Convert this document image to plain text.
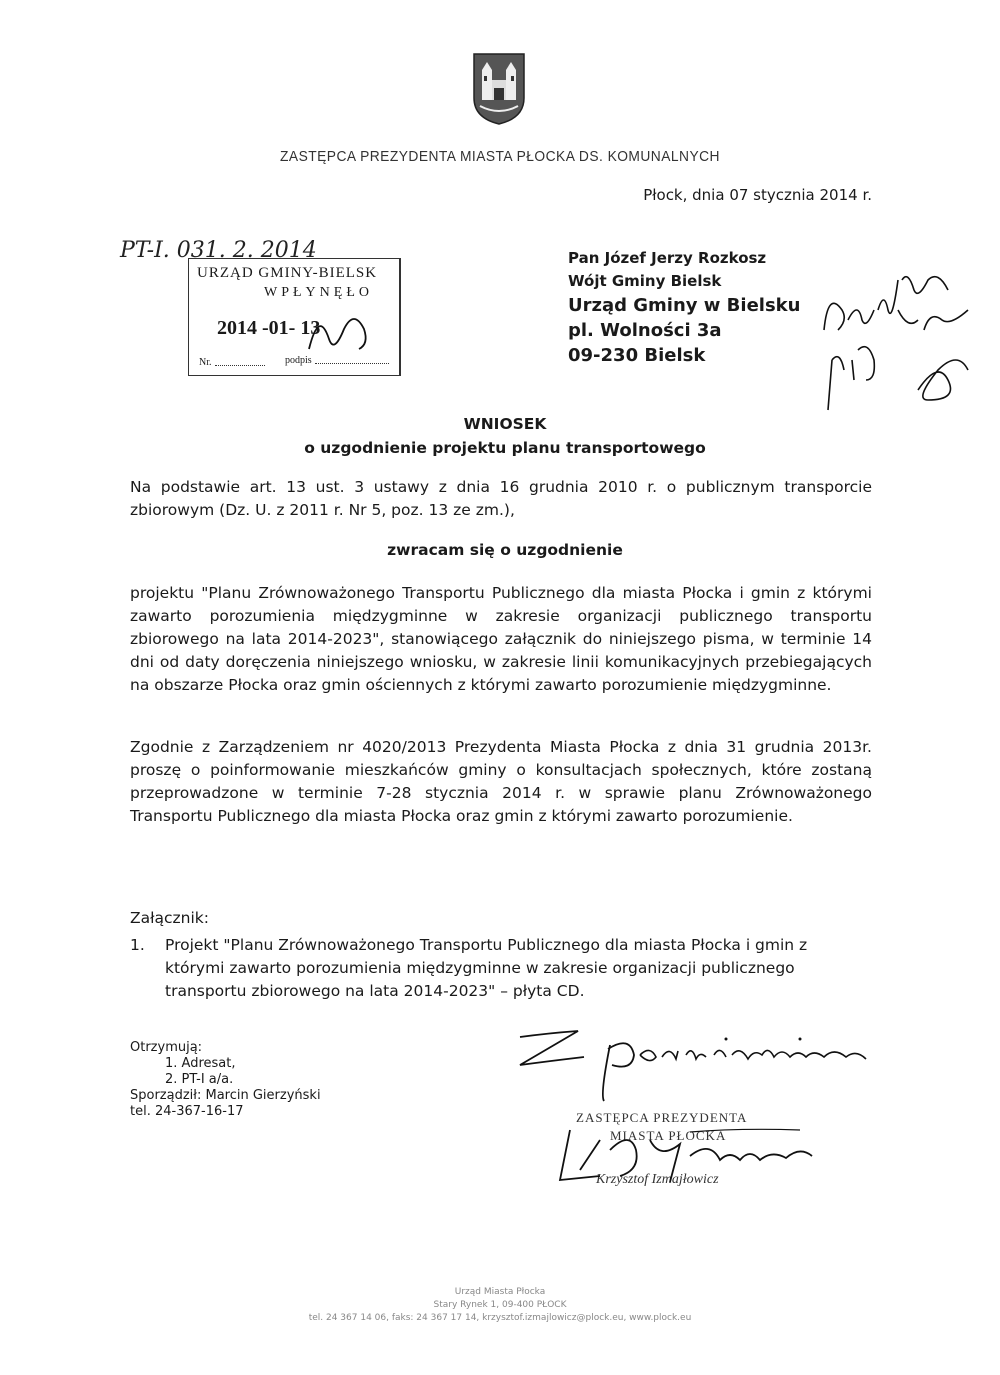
ZASTĘPCA PREZYDENTA MIASTA PŁOCKA DS. KOMUNALNYCH
Płock, dnia 07 stycznia 2014 r.
PT-I. 031. 2. 2014
URZĄD GMINY-BIELSK
WPŁYNĘŁO
2014 -01- 13
Nr.	podpis
Pan Józef Jerzy Rozkosz
Wójt Gminy Bielsk
Urząd Gminy w Bielsku
pl. Wolności 3a
09-230 Bielsk
WNIOSEK
o uzgodnienie projektu planu transportowego
Na podstawie art. 13 ust. 3 ustawy z dnia 16 grudnia 2010 r. o publicznym transporcie zbiorowym (Dz. U. z 2011 r. Nr 5, poz. 13 ze zm.),
zwracam się o uzgodnienie
projektu "Planu Zrównoważonego Transportu Publicznego dla miasta Płocka i gmin z którymi zawarto porozumienia międzygminne w zakresie organizacji publicznego transportu zbiorowego na lata 2014-2023", stanowiącego załącznik do niniejszego pisma, w terminie 14 dni od daty doręczenia niniejszego wniosku, w zakresie linii komunikacyjnych przebiegających na obszarze Płocka oraz gmin ościennych z którymi zawarto porozumienie międzygminne.
Zgodnie z Zarządzeniem nr 4020/2013 Prezydenta Miasta Płocka z dnia 31 grudnia 2013r. proszę o poinformowanie mieszkańców gminy o konsultacjach społecznych, które zostaną przeprowadzone w terminie 7-28 stycznia 2014 r. w sprawie planu Zrównoważonego Transportu Publicznego dla miasta Płocka oraz gmin z którymi zawarto porozumienie.
Załącznik:
1. Projekt "Planu Zrównoważonego Transportu Publicznego dla miasta Płocka i gmin z którymi zawarto porozumienia międzygminne w zakresie organizacji publicznego transportu zbiorowego na lata 2014-2023" – płyta CD.
Otrzymują:
1. Adresat,
2. PT-I a/a.
Sporządził: Marcin Gierzyński
tel. 24-367-16-17	ZASTĘPCA PREZYDENTA
MIASTA PŁOCKA
Krzysztof Izmajłowicz
Urząd Miasta Płocka
Stary Rynek 1, 09-400 PŁOCK
tel. 24 367 14 06, faks: 24 367 17 14, krzysztof.izmajlowicz@plock.eu, www.plock.eu
